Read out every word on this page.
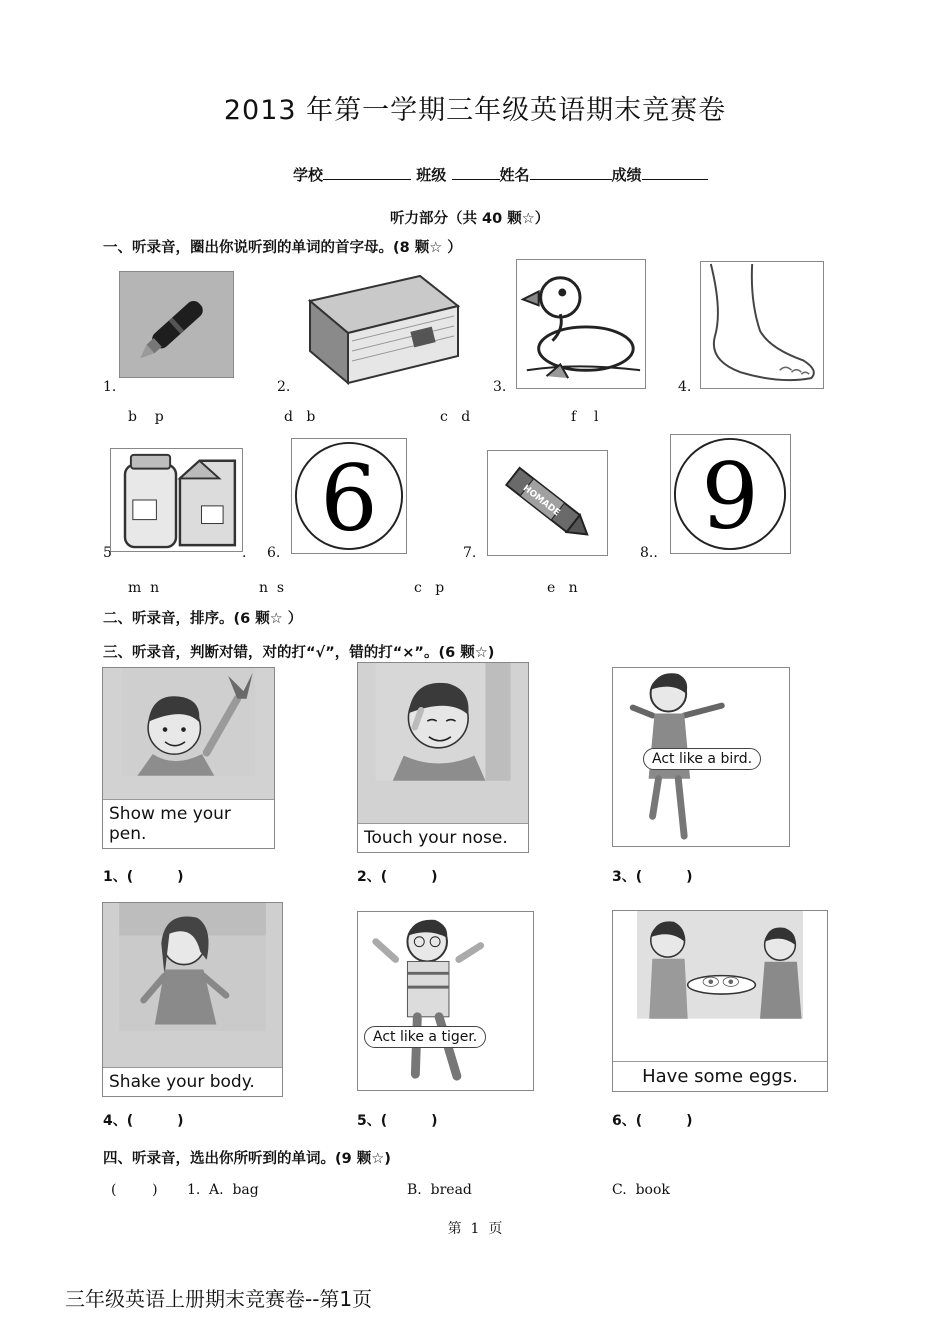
2013 年第一学期三年级英语期末竞赛卷
学校	班级	姓名	成绩
听力部分（共 40 颗☆）
一、听录音，圈出你说听到的单词的首字母。(8 颗☆ ）
1.	2.	3.	4.
b    p	d   b	c   d	f    l
5	.
6
6.
HOMADE
7.
9
8..
m  n	n  s	c   p	e   n
二、听录音，排序。(6 颗☆ ）
三、听录音，判断对错，对的打“√”，错的打“×”。(6 颗☆)
Show me your pen.	Touch your nose.
Act like a bird.
1、(	)	2、(	)	3、(	)
Shake your body.
Act like a tiger.
Have some eggs.
4、(	)	5、(	)	6、(	)
四、听录音，选出你所听到的单词。(9 颗☆)
(        ) 1. A.  bag	B.  bread	C.  book
第  1  页
三年级英语上册期末竞赛卷--第1页
